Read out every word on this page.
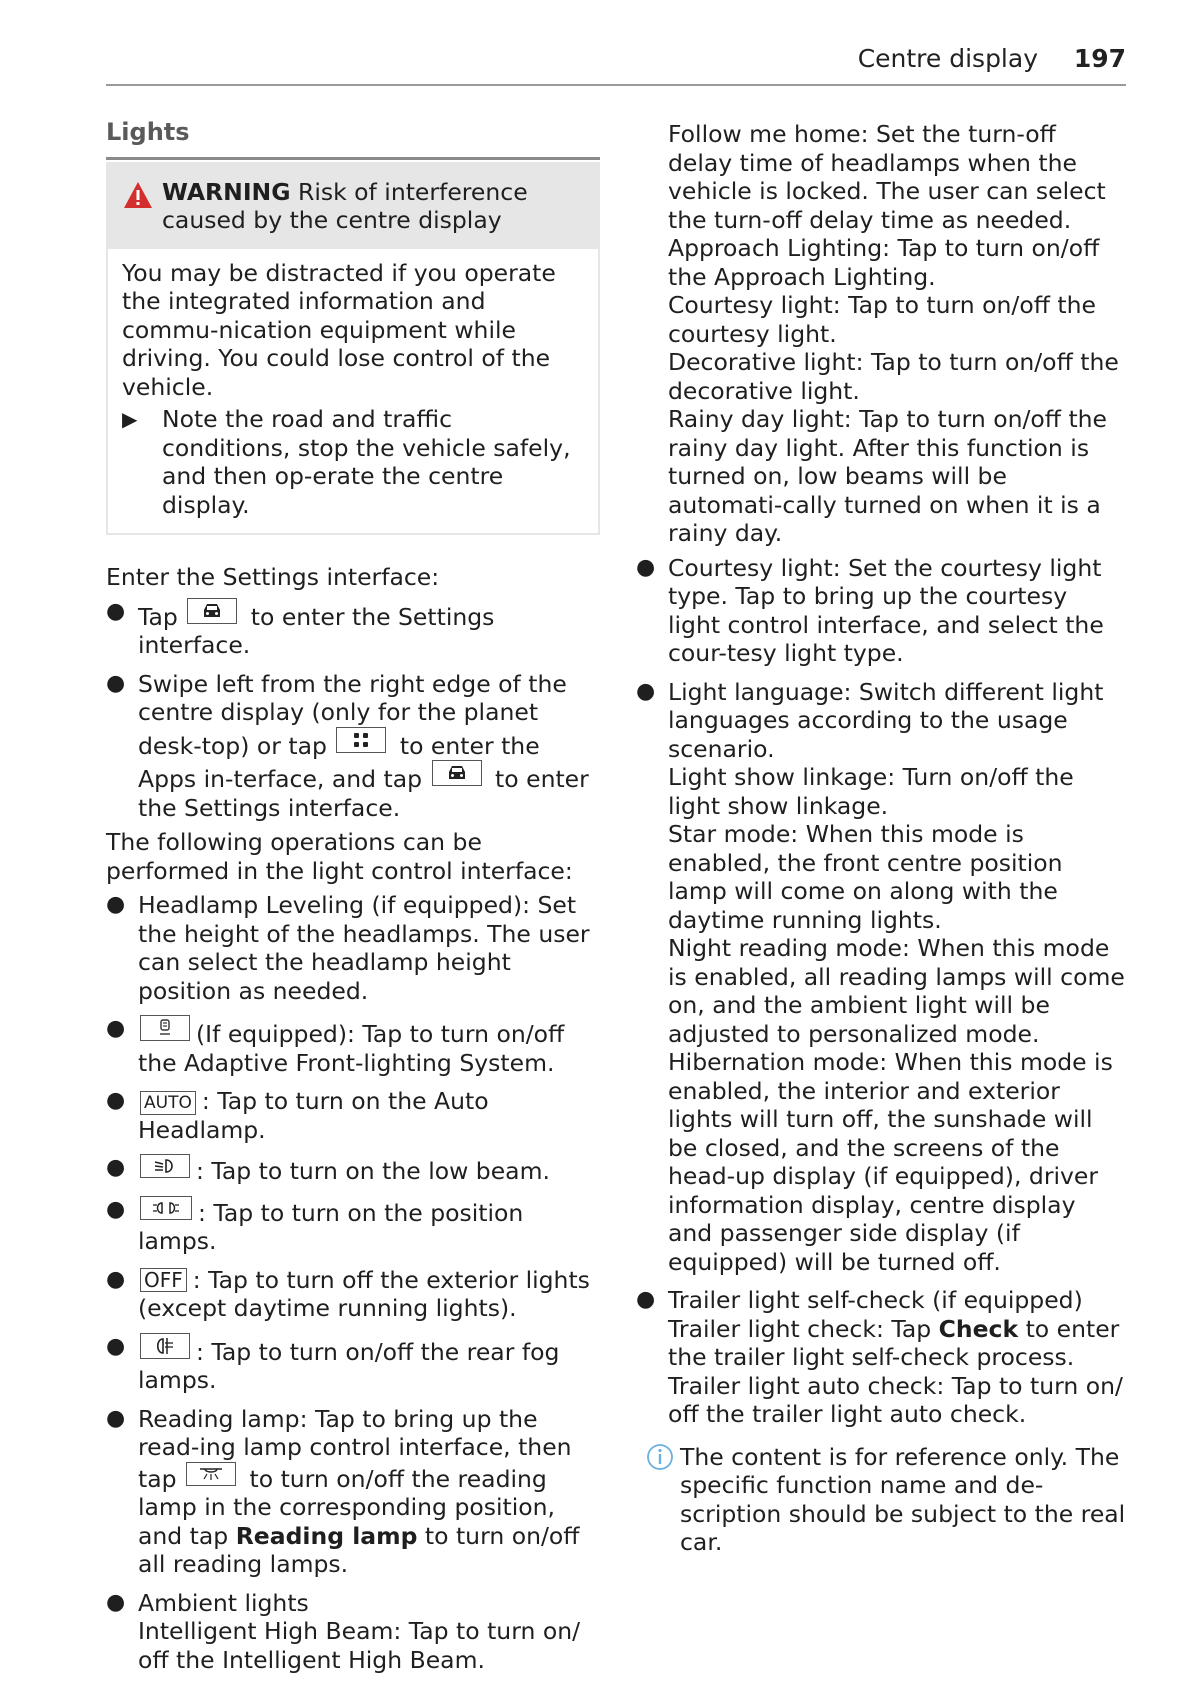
Centre display 197
Lights
WARNING Risk of interference caused by the centre display

You may be distracted if you operate the integrated information and commu-nication equipment while driving. You could lose control of the vehicle.

▶	Note the road and traffic conditions, stop the vehicle safely, and then op-erate the centre display.

Enter the Settings interface:

● Tap	to enter the Settings interface.
● Swipe left from the right edge of the centre display (only for the planet desk-top) or tap	to enter the Apps in-terface, and tap	to enter the Settings interface.

The following operations can be performed in the light control interface:

● Headlamp Leveling (if equipped): Set the height of the headlamps. The user can select the headlamp height position as needed.
●	(If equipped): Tap to turn on/off the Adaptive Front-lighting System.
●	AUTO : Tap to turn on the Auto Headlamp.
●	: Tap to turn on the low beam.
●	: Tap to turn on the position lamps.
● OFF : Tap to turn off the exterior lights (except daytime running lights).
●	: Tap to turn on/off the rear fog lamps.
● Reading lamp: Tap to bring up the read-ing lamp control interface, then tap	to turn on/off the reading lamp in the corresponding position, and tap Reading lamp to turn on/off all reading lamps.
● Ambient lights
Intelligent High Beam: Tap to turn on/ off the Intelligent High Beam.

Follow me home: Set the turn-off delay time of headlamps when the vehicle is locked. The user can select the turn-off delay time as needed.

Approach Lighting: Tap to turn on/off the Approach Lighting.

Courtesy light: Tap to turn on/off the courtesy light.

Decorative light: Tap to turn on/off the decorative light.

Rainy day light: Tap to turn on/off the rainy day light. After this function is turned on, low beams will be automati-cally turned on when it is a rainy day.

● Courtesy light: Set the courtesy light type. Tap to bring up the courtesy light control interface, and select the cour-tesy light type.
● Light language: Switch different light languages according to the usage scenario.

Light show linkage: Turn on/off the light show linkage.

Star mode: When this mode is enabled, the front centre position lamp will come on along with the daytime running lights.

Night reading mode: When this mode is enabled, all reading lamps will come on, and the ambient light will be adjusted to personalized mode.

Hibernation mode: When this mode is enabled, the interior and exterior lights will turn off, the sunshade will be closed, and the screens of the head-up display (if equipped), driver information display, centre display and passenger side display (if equipped) will be turned off.

● Trailer light self-check (if equipped)

Trailer light check: Tap Check to enter the trailer light self-check process.

Trailer light auto check: Tap to turn on/ off the trailer light auto check.

The content is for reference only. The specific function name and de-scription should be subject to the real car.
